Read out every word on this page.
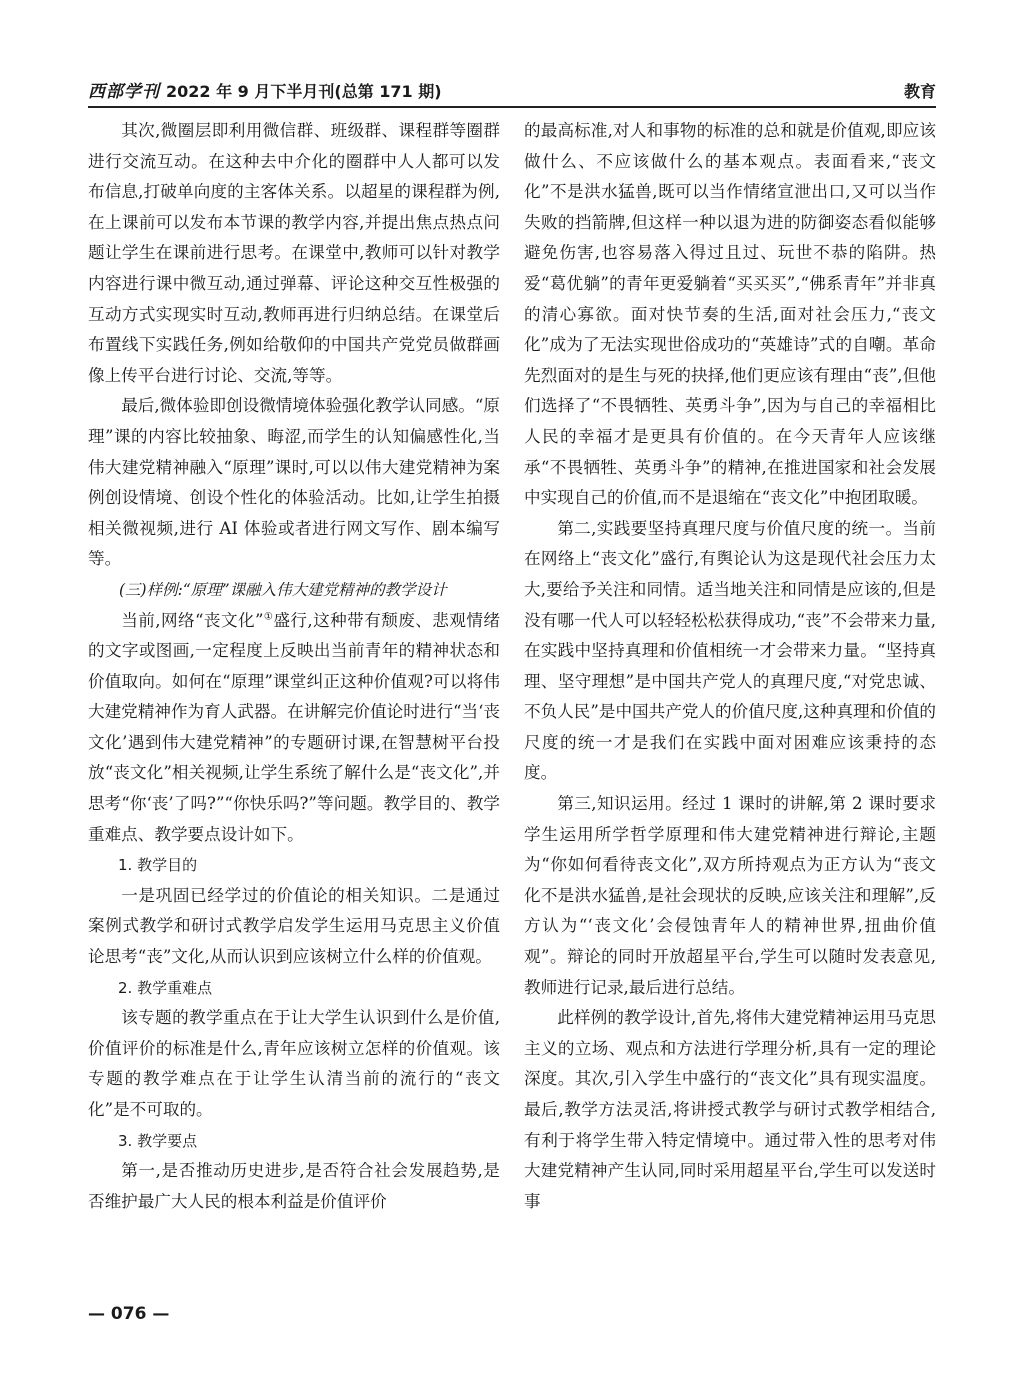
西部学刊 2022 年 9 月下半月刊(总第 171 期)	教育

其次,微圈层即利用微信群、班级群、课程群等圈群进行交流互动。在这种去中介化的圈群中人人都可以发布信息,打破单向度的主客体关系。以超星的课程群为例,在上课前可以发布本节课的教学内容,并提出焦点热点问题让学生在课前进行思考。在课堂中,教师可以针对教学内容进行课中微互动,通过弹幕、评论这种交互性极强的互动方式实现实时互动,教师再进行归纳总结。在课堂后布置线下实践任务,例如给敬仰的中国共产党党员做群画像上传平台进行讨论、交流,等等。

最后,微体验即创设微情境体验强化教学认同感。“原理”课的内容比较抽象、晦涩,而学生的认知偏感性化,当伟大建党精神融入“原理”课时,可以以伟大建党精神为案例创设情境、创设个性化的体验活动。比如,让学生拍摄相关微视频,进行 AI 体验或者进行网文写作、剧本编写等。

(三)样例:“原理”课融入伟大建党精神的教学设计

当前,网络“丧文化”①盛行,这种带有颓废、悲观情绪的文字或图画,一定程度上反映出当前青年的精神状态和价值取向。如何在“原理”课堂纠正这种价值观?可以将伟大建党精神作为育人武器。在讲解完价值论时进行“当‘丧文化’遇到伟大建党精神”的专题研讨课,在智慧树平台投放“丧文化”相关视频,让学生系统了解什么是“丧文化”,并思考“你‘丧’了吗?”“你快乐吗?”等问题。教学目的、教学重难点、教学要点设计如下。

1. 教学目的

一是巩固已经学过的价值论的相关知识。二是通过案例式教学和研讨式教学启发学生运用马克思主义价值论思考“丧”文化,从而认识到应该树立什么样的价值观。

2. 教学重难点

该专题的教学重点在于让大学生认识到什么是价值,价值评价的标准是什么,青年应该树立怎样的价值观。该专题的教学难点在于让学生认清当前的流行的“丧文化”是不可取的。

3. 教学要点

第一,是否推动历史进步,是否符合社会发展趋势,是否维护最广大人民的根本利益是价值评价

的最高标准,对人和事物的标准的总和就是价值观,即应该做什么、不应该做什么的基本观点。表面看来,“丧文化”不是洪水猛兽,既可以当作情绪宣泄出口,又可以当作失败的挡箭牌,但这样一种以退为进的防御姿态看似能够避免伤害,也容易落入得过且过、玩世不恭的陷阱。热爱“葛优躺”的青年更爱躺着“买买买”,“佛系青年”并非真的清心寡欲。面对快节奏的生活,面对社会压力,“丧文化”成为了无法实现世俗成功的“英雄诗”式的自嘲。革命先烈面对的是生与死的抉择,他们更应该有理由“丧”,但他们选择了“不畏牺牲、英勇斗争”,因为与自己的幸福相比人民的幸福才是更具有价值的。在今天青年人应该继承“不畏牺牲、英勇斗争”的精神,在推进国家和社会发展中实现自己的价值,而不是退缩在“丧文化”中抱团取暖。

第二,实践要坚持真理尺度与价值尺度的统一。当前在网络上“丧文化”盛行,有舆论认为这是现代社会压力太大,要给予关注和同情。适当地关注和同情是应该的,但是没有哪一代人可以轻轻松松获得成功,“丧”不会带来力量,在实践中坚持真理和价值相统一才会带来力量。“坚持真理、坚守理想”是中国共产党人的真理尺度,“对党忠诚、不负人民”是中国共产党人的价值尺度,这种真理和价值的尺度的统一才是我们在实践中面对困难应该秉持的态度。

第三,知识运用。经过 1 课时的讲解,第 2 课时要求学生运用所学哲学原理和伟大建党精神进行辩论,主题为“你如何看待丧文化”,双方所持观点为正方认为“丧文化不是洪水猛兽,是社会现状的反映,应该关注和理解”,反方认为“‘丧文化’会侵蚀青年人的精神世界,扭曲价值观”。辩论的同时开放超星平台,学生可以随时发表意见,教师进行记录,最后进行总结。

此样例的教学设计,首先,将伟大建党精神运用马克思主义的立场、观点和方法进行学理分析,具有一定的理论深度。其次,引入学生中盛行的“丧文化”具有现实温度。最后,教学方法灵活,将讲授式教学与研讨式教学相结合,有利于将学生带入特定情境中。通过带入性的思考对伟大建党精神产生认同,同时采用超星平台,学生可以发送时事

— 076 —
